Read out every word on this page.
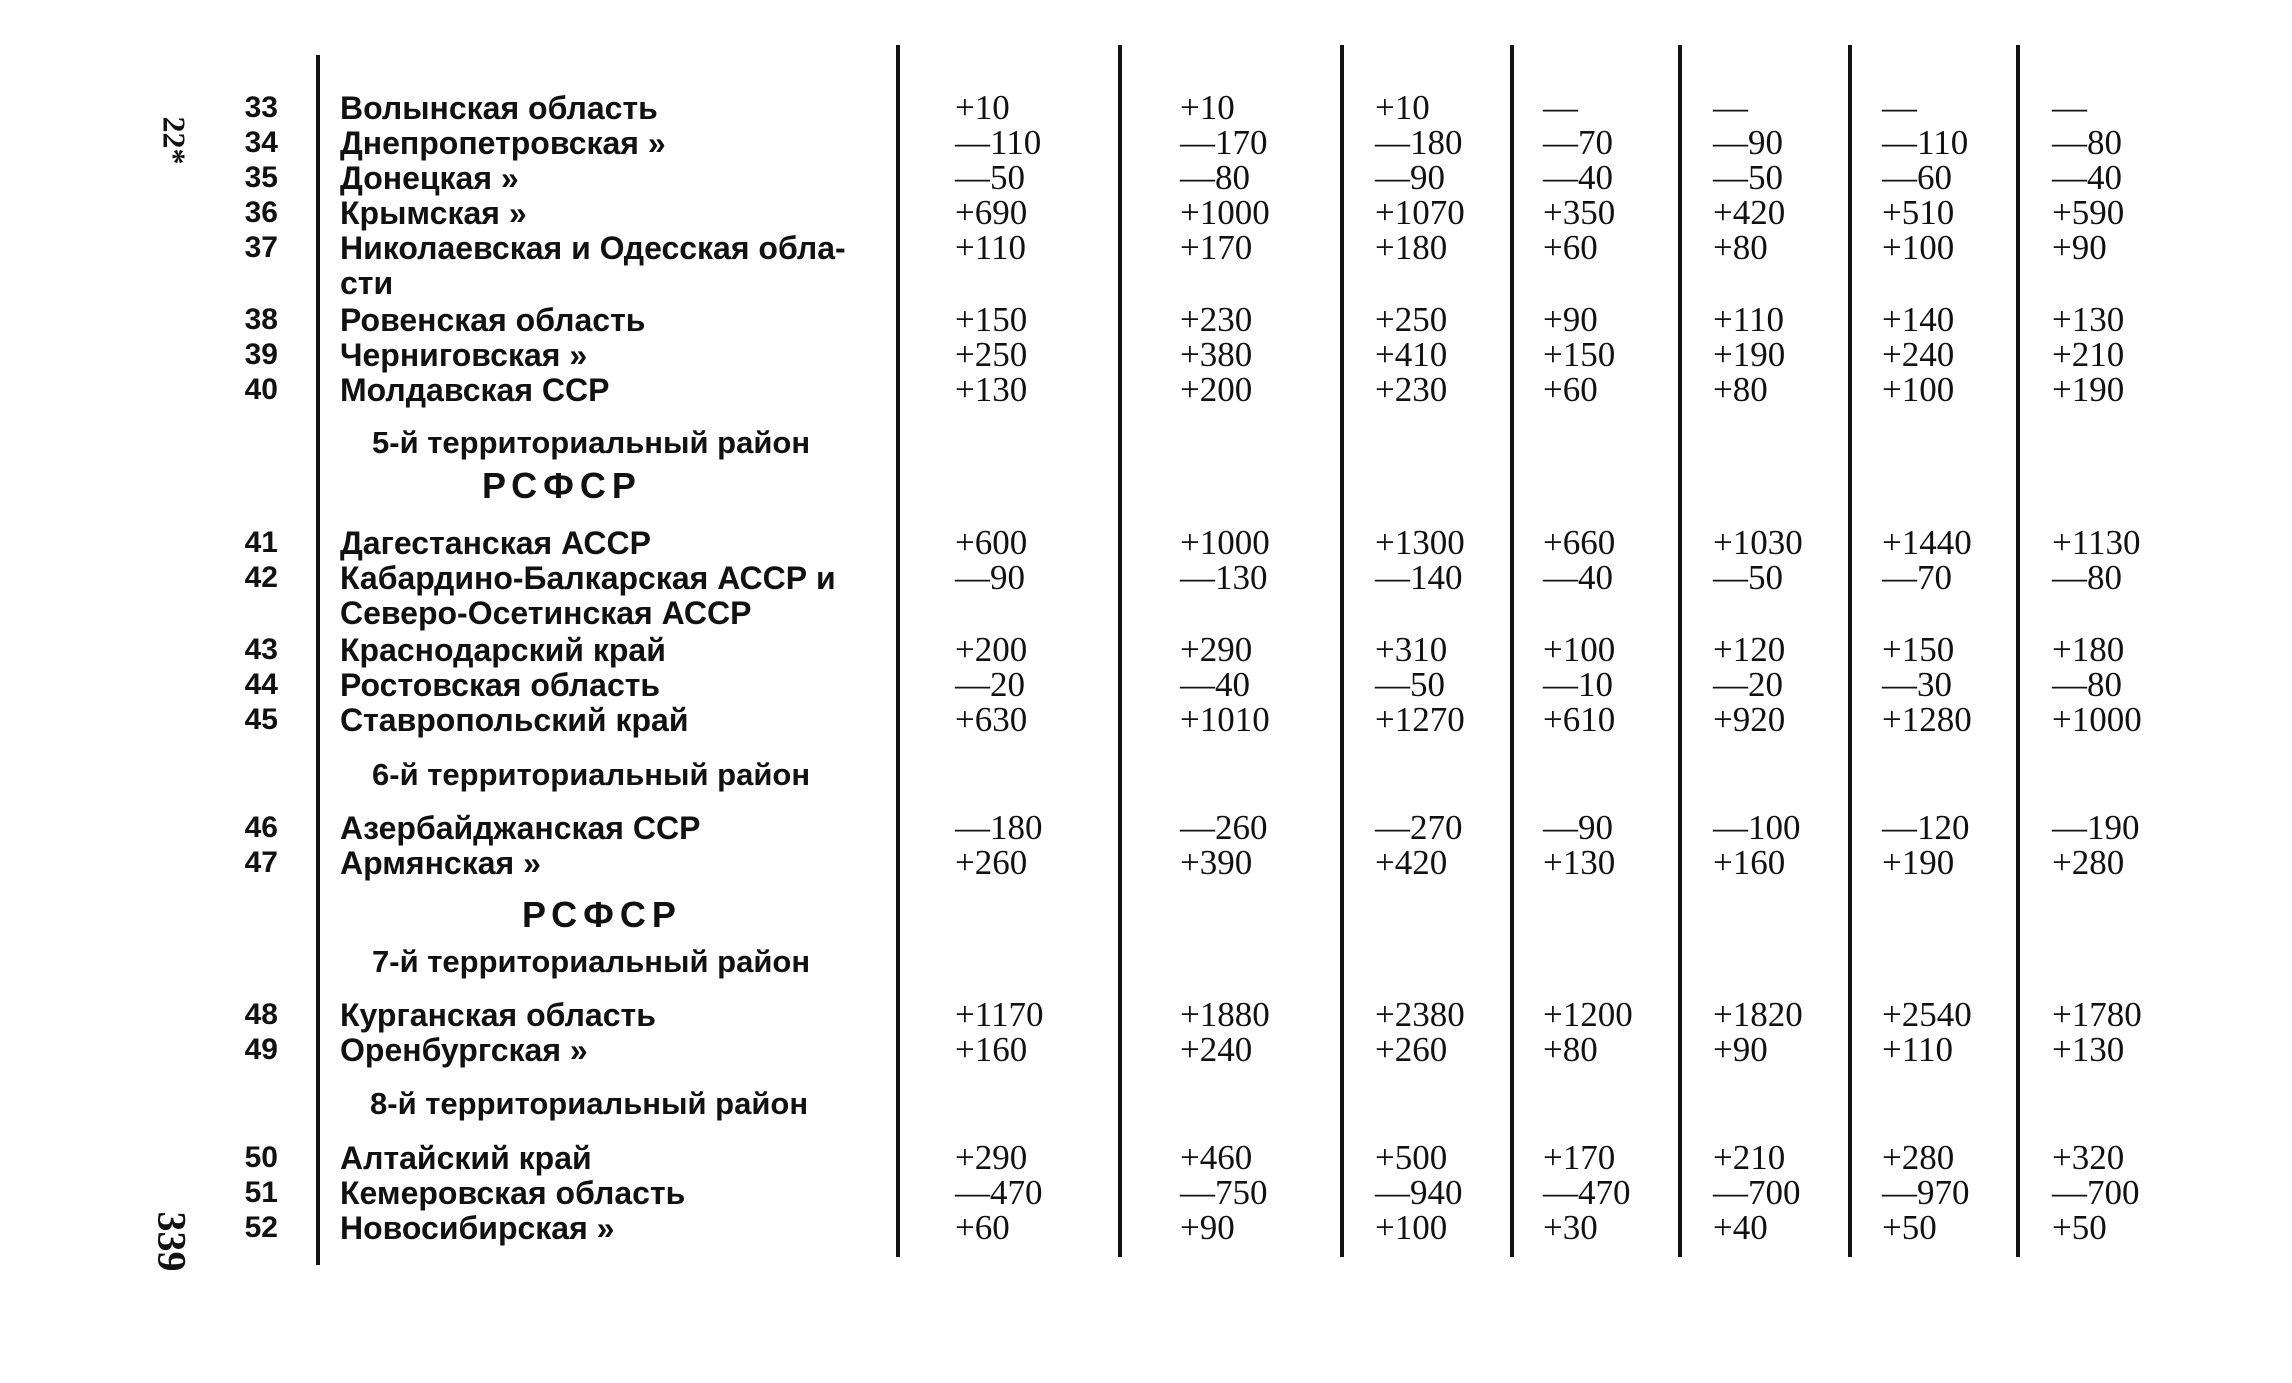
22*
339
33 Волынская область	+10	+10	+10	—	—	—	—
34 Днепропетровская »	—110	—170	—180 —70	—90	—110 —80
35 Донецкая »	—50	—80	—90	—40	—50	—60	—40
36 Крымская »	+690	+1000	+1070 +350	+420	+510	+590
37 Николаевская и Одесская обла-	+110	+170	+180	+60	+80	+100	+90
сти
38 Ровенская область	+150	+230	+250	+90	+110	+140	+130
39 Черниговская »	+250	+380	+410	+150	+190	+240	+210
40 Молдавская ССР	+130	+200	+230	+60	+80	+100	+190
5-й территориальный район
РСФСР
41 Дагестанская АССР	+600	+1000	+1300 +660	+1030 +1440 +1130
42 Кабардино-Балкарская АССР и	—90	—130	—140 —40	—50	—70	—80
Северо-Осетинская АССР
43 Краснодарский край	+200	+290	+310	+100	+120	+150	+180
44 Ростовская область	—20	—40	—50	—10	—20	—30	—80
45 Ставропольский край	+630	+1010	+1270 +610	+920	+1280 +1000
6-й территориальный район
46 Азербайджанская ССР	—180	—260	—270 —90	—100 —120 —190
47 Армянская »	+260	+390	+420	+130	+160	+190	+280
РСФСР
7-й территориальный район
48 Курганская область	+1170	+1880	+2380 +1200 +1820 +2540 +1780
49 Оренбургская »	+160	+240	+260	+80	+90	+110	+130
8-й территориальный район
50 Алтайский край	+290	+460	+500	+170	+210	+280	+320
51 Кемеровская область	—470	—750	—940 —470 —700 —970 —700
52 Новосибирская »	+60	+90	+100	+30	+40	+50	+50
